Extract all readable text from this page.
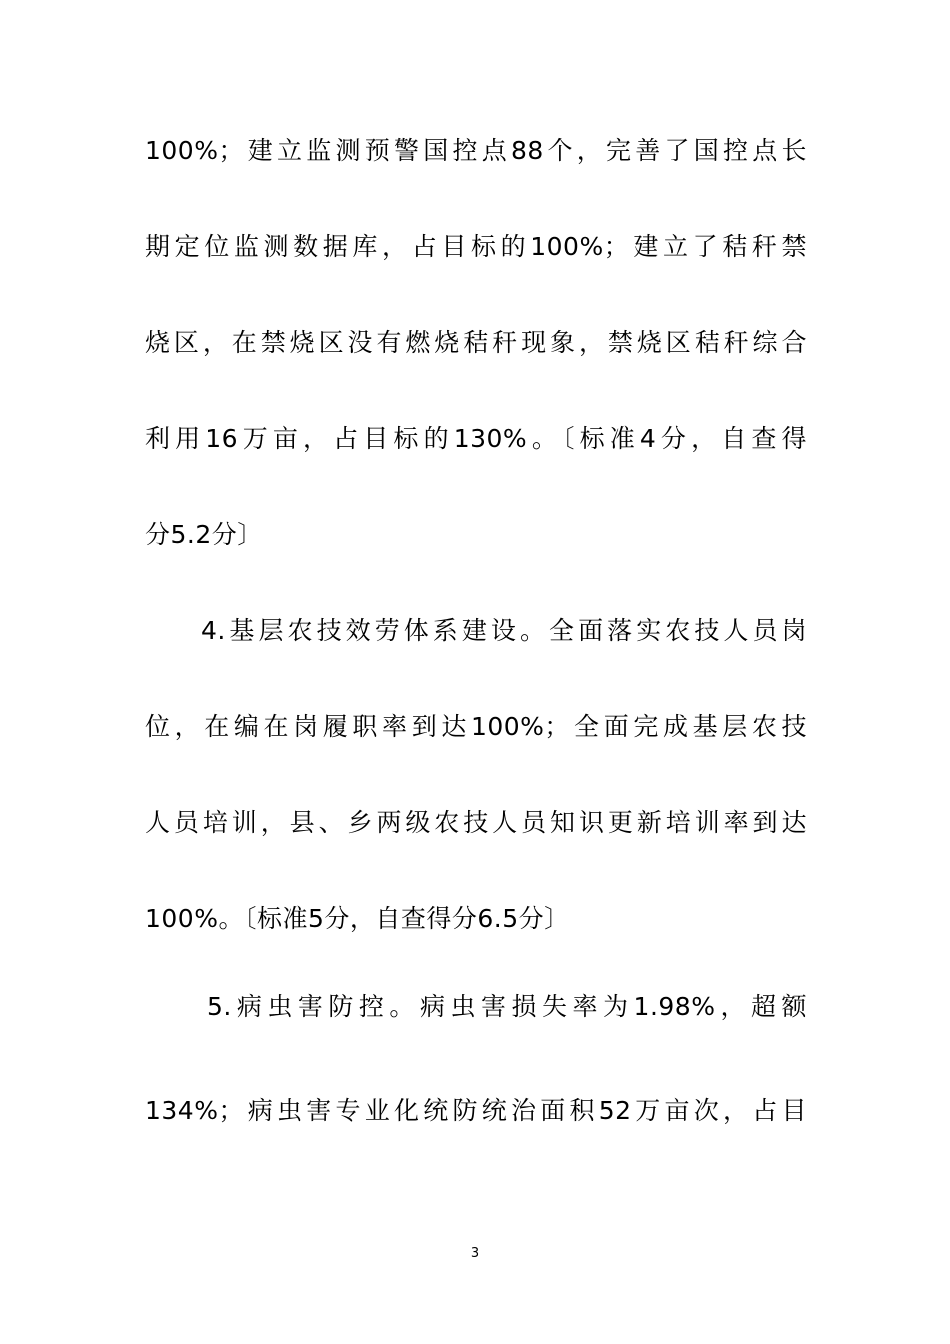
100%；建立监测预警国控点88个，完善了国控点长
期定位监测数据库，占目标的100%；建立了秸秆禁
烧区，在禁烧区没有燃烧秸秆现象，禁烧区秸秆综合
利用16万亩，占目标的130%。〔标准4分，自查得
分5.2分〕
4.基层农技效劳体系建设。全面落实农技人员岗
位，在编在岗履职率到达100%；全面完成基层农技
人员培训，县、乡两级农技人员知识更新培训率到达
100%。〔标准5分，自查得分6.5分〕
5.病虫害防控。病虫害损失率为1.98%，超额
134%；病虫害专业化统防统治面积52万亩次，占目
3
